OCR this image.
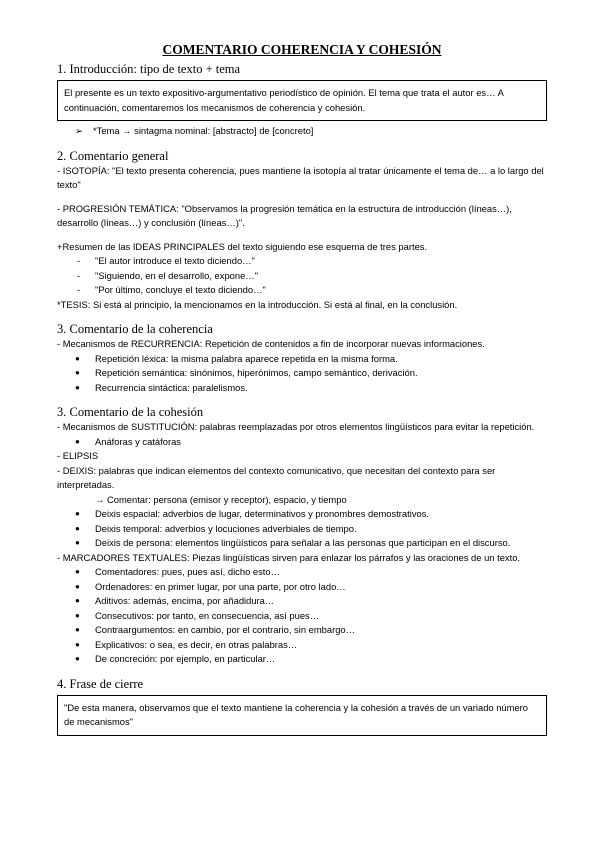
COMENTARIO COHERENCIA Y COHESIÓN
1. Introducción: tipo de texto + tema

El presente es un texto expositivo-argumentativo periodístico de opinión. El tema que trata el autor es… A continuación, comentaremos los mecanismos de coherencia y cohesión.

➢ *Tema → sintagma nominal: [abstracto] de [concreto]
2. Comentario general

- ISOTOPÍA: "El texto presenta coherencia, pues mantiene la isotopía al tratar únicamente el tema de… a lo largo del texto"

- PROGRESIÓN TEMÁTICA: "Observamos la progresión temática en la estructura de introducción (líneas…), desarrollo (líneas…) y conclusión (líneas…)".

+Resumen de las IDEAS PRINCIPALES del texto siguiendo ese esquema de tres partes.

- "El autor introduce el texto diciendo…"
- "Siguiendo, en el desarrollo, expone…"
- "Por último, concluye el texto diciendo…"

*TESIS: Si está al principio, la mencionamos en la introducción. Si está al final, en la conclusión.

3. Comentario de la coherencia

- Mecanismos de RECURRENCIA: Repetición de contenidos a fin de incorporar nuevas informaciones.

● Repetición léxica: la misma palabra aparece repetida en la misma forma.
● Repetición semántica: sinónimos, hiperónimos, campo semántico, derivación.
● Recurrencia sintáctica: paralelismos.
3. Comentario de la cohesión

- Mecanismos de SUSTITUCIÓN: palabras reemplazadas por otros elementos lingüísticos para evitar la repetición.

● Anáforas y catáforas

- ELIPSIS

- DEIXIS: palabras que indican elementos del contexto comunicativo, que necesitan del contexto para ser interpretadas.

→ Comentar: persona (emisor y receptor), espacio, y tiempo

● Deixis espacial: adverbios de lugar, determinativos y pronombres demostrativos.
● Deixis temporal: adverbios y locuciones adverbiales de tiempo.
● Deixis de persona: elementos lingüísticos para señalar a las personas que participan en el discurso.

- MARCADORES TEXTUALES: Piezas lingüísticas sirven para enlazar los párrafos y las oraciones de un texto.

● Comentadores: pues, pues así, dicho esto…
● Ordenadores: en primer lugar, por una parte, por otro lado…
● Aditivos: además, encima, por añadidura…
● Consecutivos: por tanto, en consecuencia, así pues…
● Contraargumentos: en cambio, por el contrario, sin embargo…
● Explicativos: o sea, es decir, en otras palabras…
● De concreción: por ejemplo, en particular…
4. Frase de cierre

"De esta manera, observamos que el texto mantiene la coherencia y la cohesión a través de un variado número de mecanismos"
